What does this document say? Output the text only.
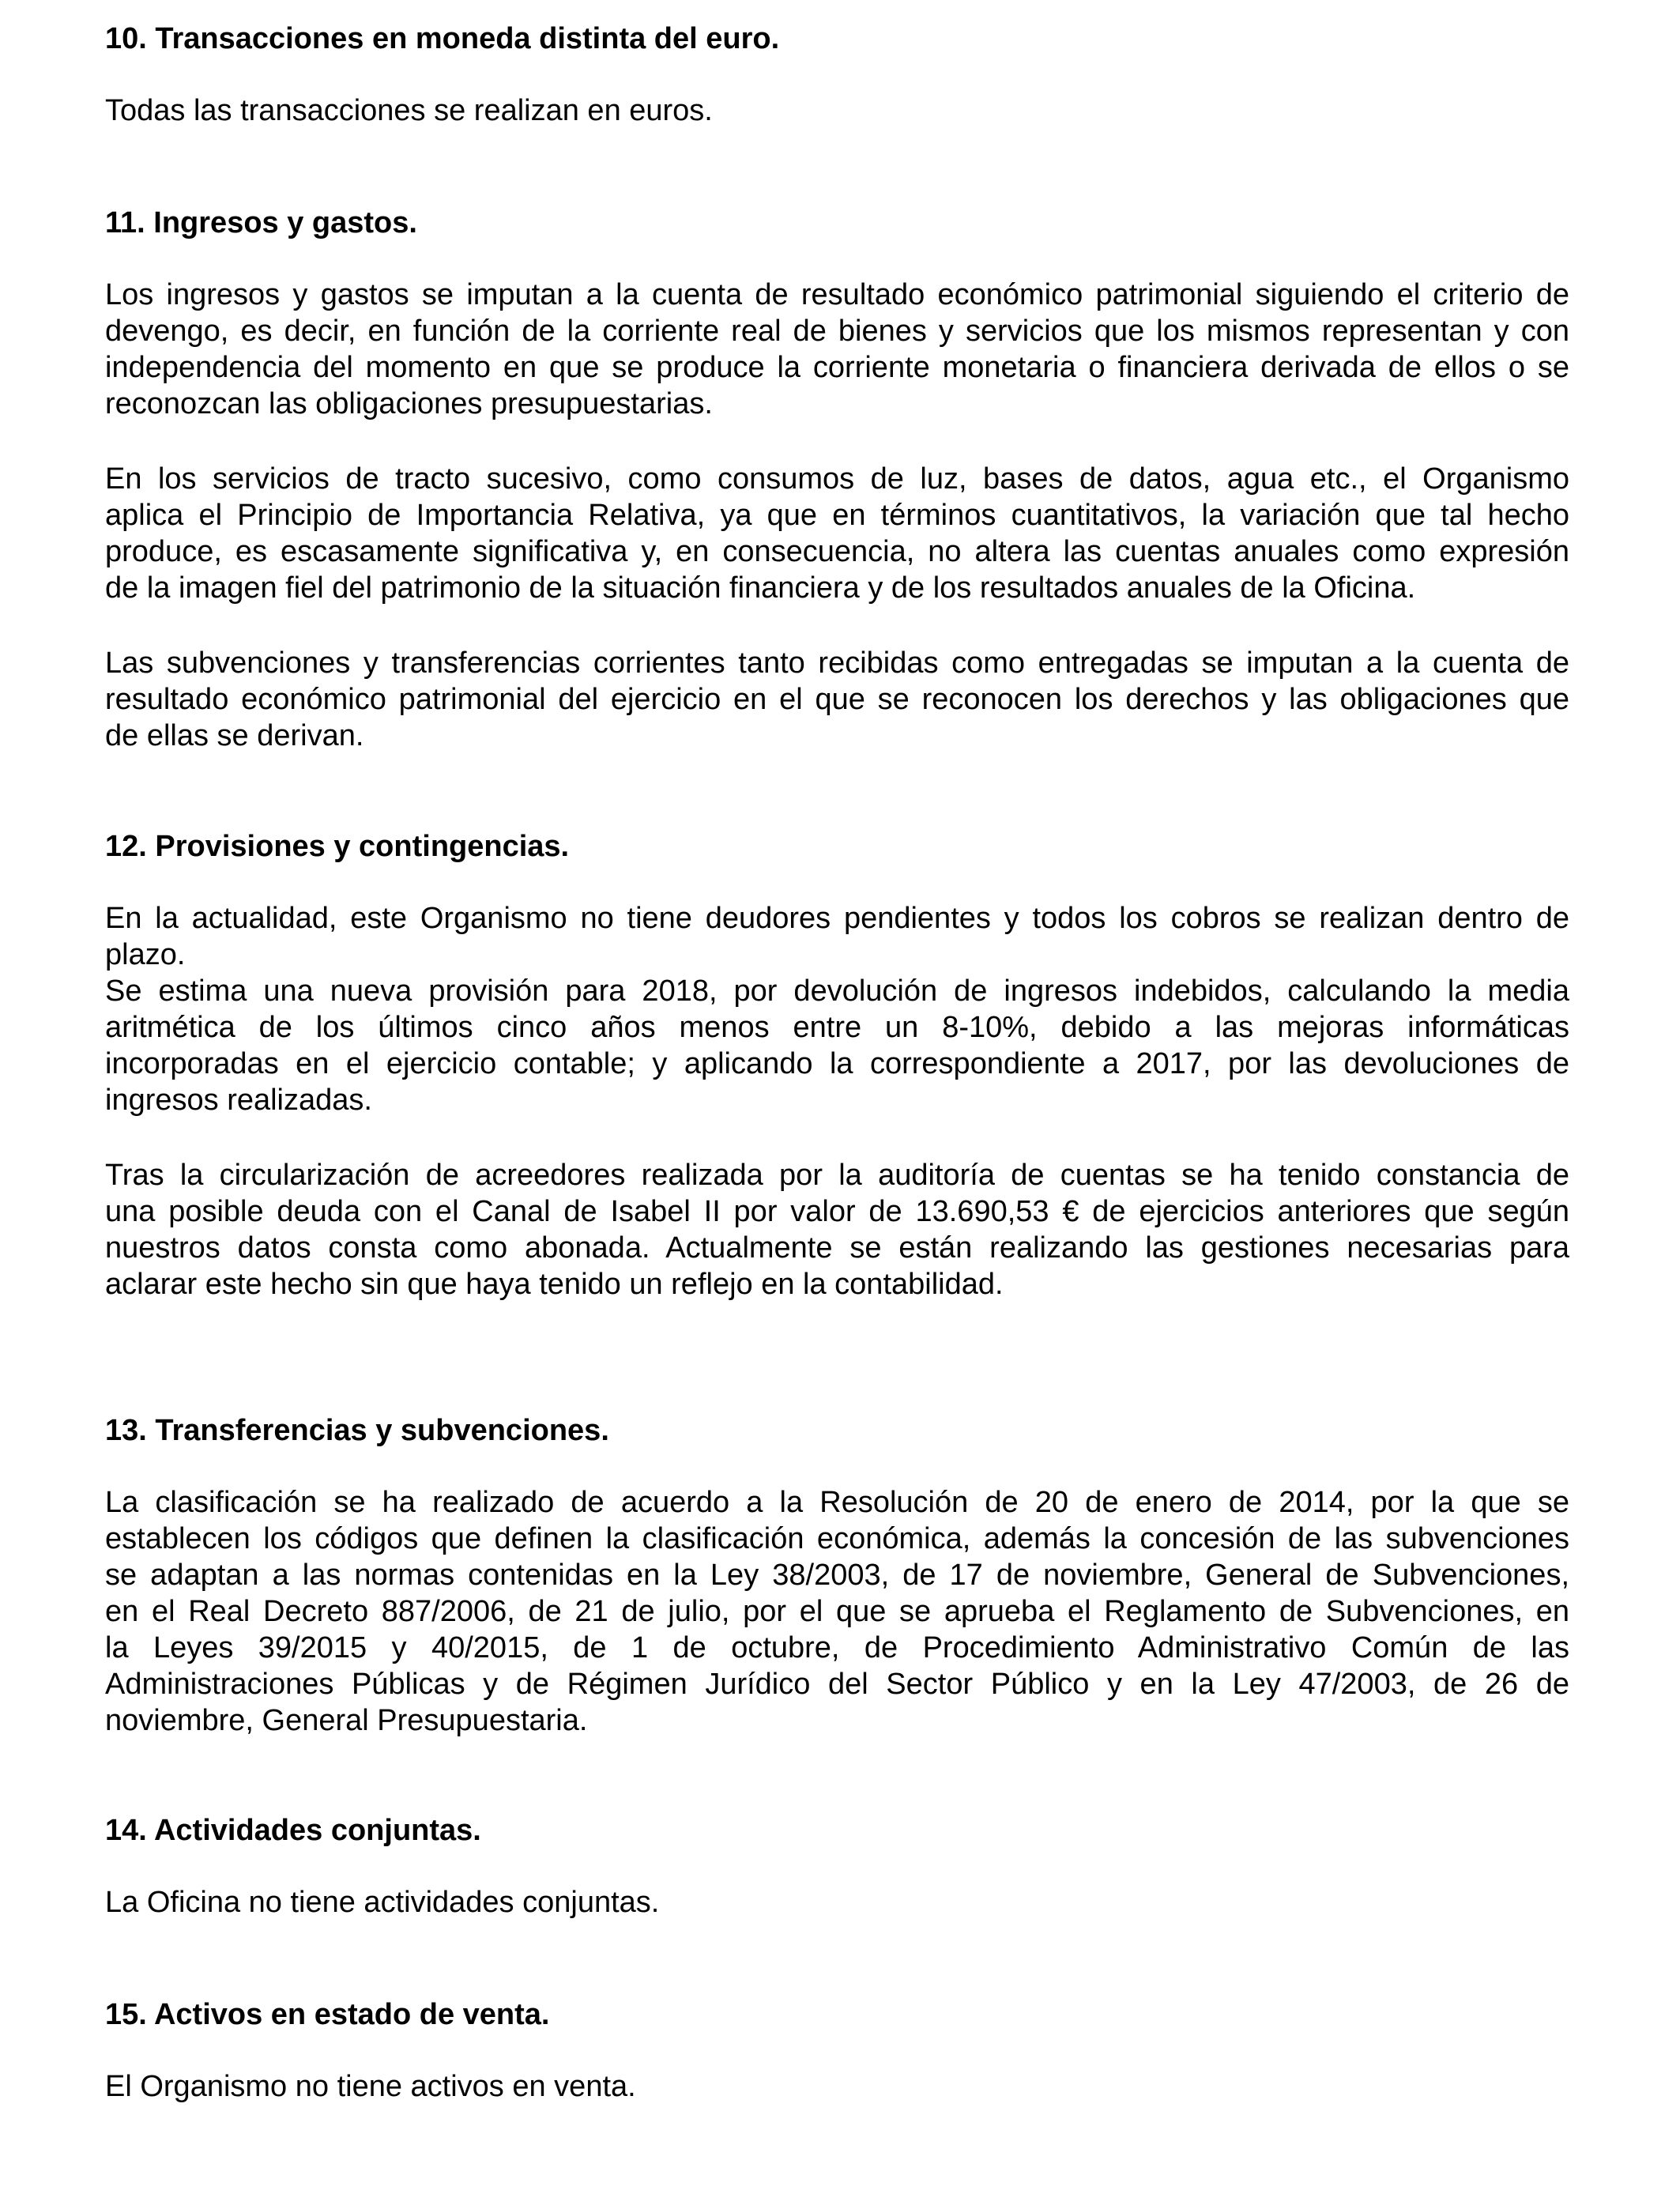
10. Transacciones en moneda distinta del euro.

Todas las transacciones se realizan en euros.

11. Ingresos y gastos.

Los ingresos y gastos se imputan a la cuenta de resultado económico patrimonial siguiendo el criterio de
devengo, es decir, en función de la corriente real de bienes y servicios que los mismos representan y con
independencia del momento en que se produce la corriente monetaria o financiera derivada de ellos o se
reconozcan las obligaciones presupuestarias.

En los servicios de tracto sucesivo, como consumos de luz, bases de datos, agua etc., el Organismo
aplica el Principio de Importancia Relativa, ya que en términos cuantitativos, la variación que tal hecho
produce, es escasamente significativa y, en consecuencia, no altera las cuentas anuales como expresión
de la imagen fiel del patrimonio de la situación financiera y de los resultados anuales de la Oficina.

Las subvenciones y transferencias corrientes tanto recibidas como entregadas se imputan a la cuenta de
resultado económico patrimonial del ejercicio en el que se reconocen los derechos y las obligaciones que
de ellas se derivan.

12. Provisiones y contingencias.

En la actualidad, este Organismo no tiene deudores pendientes y todos los cobros se realizan dentro de
plazo.
Se estima una nueva provisión para 2018, por devolución de ingresos indebidos, calculando la media
aritmética de los últimos cinco años menos entre un 8-10%, debido a las mejoras informáticas
incorporadas en el ejercicio contable; y aplicando la correspondiente a 2017, por las devoluciones de
ingresos realizadas.

Tras la circularización de acreedores realizada por la auditoría de cuentas se ha tenido constancia de
una posible deuda con el Canal de Isabel II por valor de 13.690,53 € de ejercicios anteriores que según
nuestros datos consta como abonada. Actualmente se están realizando las gestiones necesarias para
aclarar este hecho sin que haya tenido un reflejo en la contabilidad.

13. Transferencias y subvenciones.

La clasificación se ha realizado de acuerdo a la Resolución de 20 de enero de 2014, por la que se
establecen los códigos que definen la clasificación económica, además la concesión de las subvenciones
se adaptan a las normas contenidas en la Ley 38/2003, de 17 de noviembre, General de Subvenciones,
en el Real Decreto 887/2006, de 21 de julio, por el que se aprueba el Reglamento de Subvenciones, en
la Leyes 39/2015 y 40/2015, de 1 de octubre, de Procedimiento Administrativo Común de las
Administraciones Públicas y de Régimen Jurídico del Sector Público y en la Ley 47/2003, de 26 de
noviembre, General Presupuestaria.

14. Actividades conjuntas.

La Oficina no tiene actividades conjuntas.

15. Activos en estado de venta.

El Organismo no tiene activos en venta.
